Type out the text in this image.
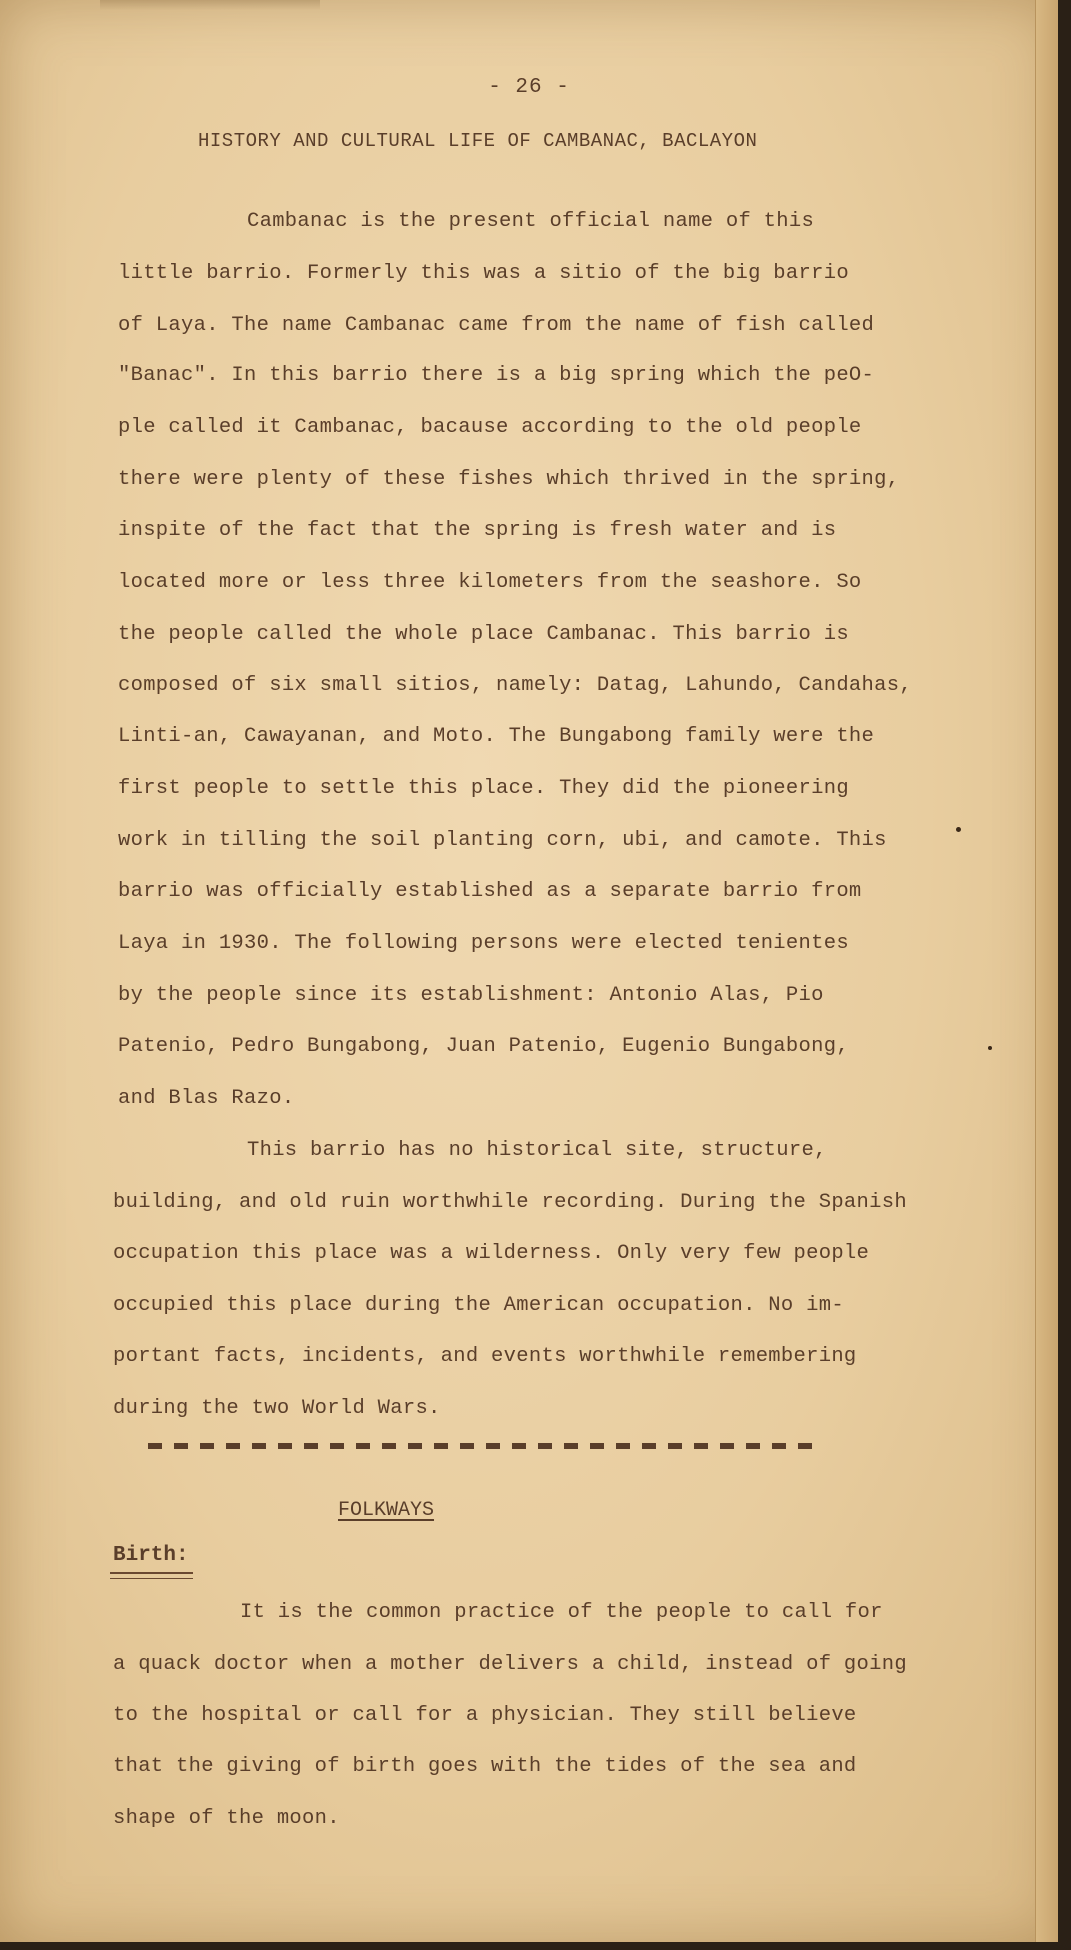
- 26 -
HISTORY AND CULTURAL LIFE OF CAMBANAC, BACLAYON
Cambanac is the present official name of this
little barrio. Formerly this was a sitio of the big barrio
of Laya. The name Cambanac came from the name of fish called
"Banac". In this barrio there is a big spring which the peO-
ple called it Cambanac, bacause according to the old people
there were plenty of these fishes which thrived in the spring,
inspite of the fact that the spring is fresh water and is
located more or less three kilometers from the seashore. So
the people called the whole place Cambanac. This barrio is
composed of six small sitios, namely: Datag, Lahundo, Candahas,
Linti-an, Cawayanan, and Moto. The Bungabong family were the
first people to settle this place. They did the pioneering
work in tilling the soil planting corn, ubi, and camote. This
barrio was officially established as a separate barrio from
Laya in 1930. The following persons were elected tenientes
by the people since its establishment: Antonio Alas, Pio
Patenio, Pedro Bungabong, Juan Patenio, Eugenio Bungabong,
and Blas Razo.
This barrio has no historical site, structure,
building, and old ruin worthwhile recording. During the Spanish
occupation this place was a wilderness. Only very few people
occupied this place during the American occupation. No im-
portant facts, incidents, and events worthwhile remembering
during the two World Wars.
FOLKWAYS
Birth:
It is the common practice of the people to call for
a quack doctor when a mother delivers a child, instead of going
to the hospital or call for a physician. They still believe
that the giving of birth goes with the tides of the sea and
shape of the moon.
